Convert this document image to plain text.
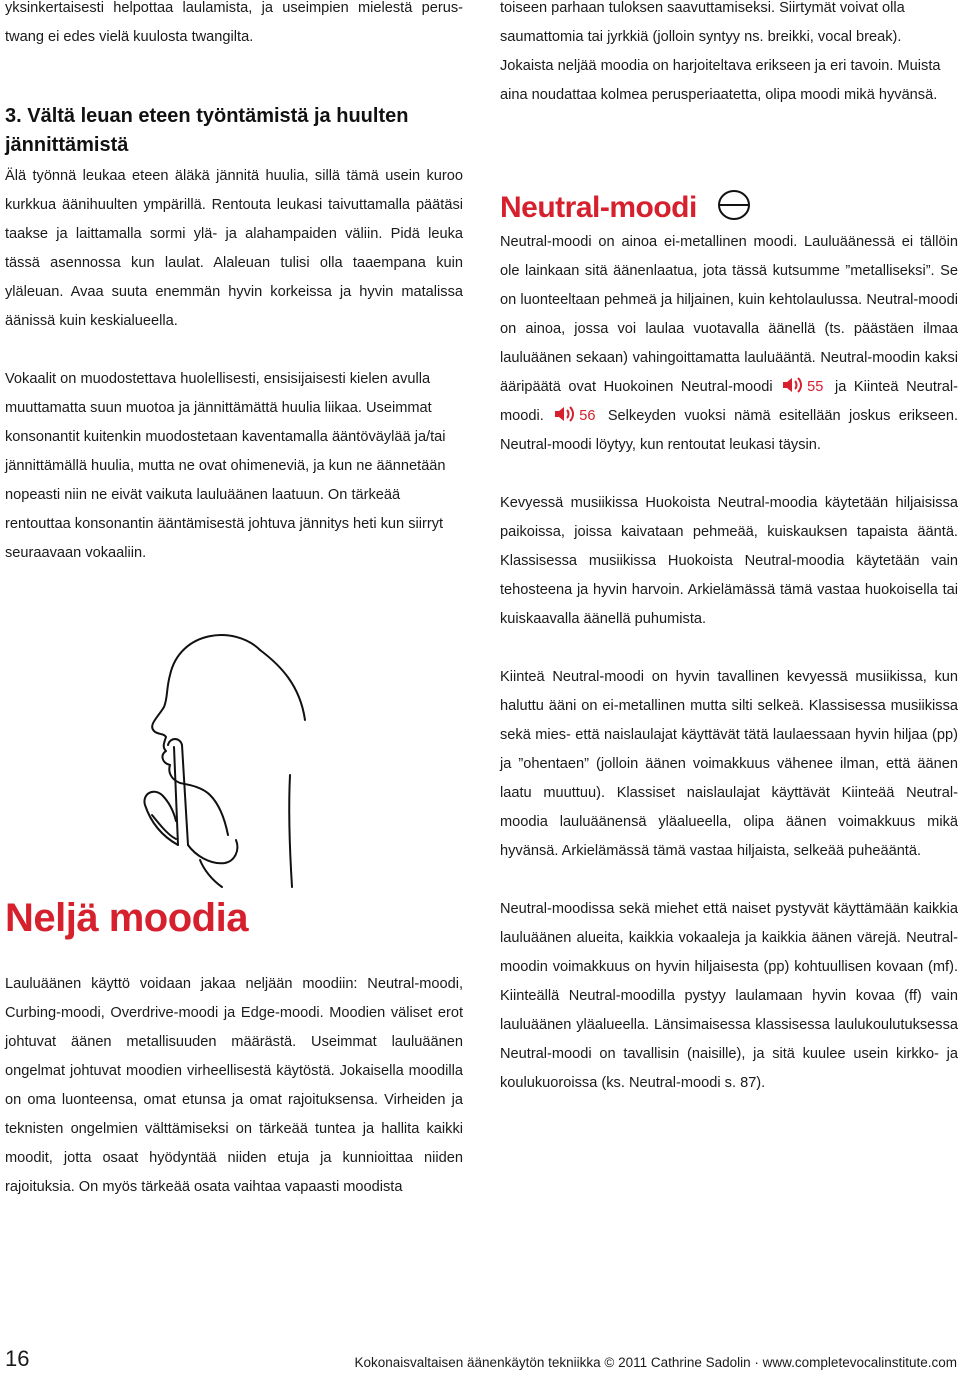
yksinkertaisesti helpottaa laulamista, ja useimpien mielestä perus-twang ei edes vielä kuulosta twangilta.

3. Vältä leuan eteen työntämistä ja huulten jännittämistä

Älä työnnä leukaa eteen äläkä jännitä huulia, sillä tämä usein kuroo kurkkua äänihuulten ympärillä. Rentouta leukasi taivuttamalla päätäsi taakse ja laittamalla sormi ylä- ja alahampaiden väliin. Pidä leuka tässä asennossa kun laulat. Alaleuan tulisi olla taaempana kuin yläleuan. Avaa suuta enemmän hyvin korkeissa ja hyvin matalissa äänissä kuin keskialueella.

Vokaalit on muodostettava huolellisesti, ensisijaisesti kielen avulla muuttamatta suun muotoa ja jännittämättä huulia liikaa. Useimmat konsonantit kuitenkin muodostetaan kaventamalla ääntöväylää ja/tai jännittämällä huulia, mutta ne ovat ohimeneviä, ja kun ne äännetään nopeasti niin ne eivät vaikuta lauluäänen laatuun. On tärkeää rentouttaa konsonantin ääntämisestä johtuva jännitys heti kun siirryt seuraavaan vokaaliin.

Neljä moodia

Lauluäänen käyttö voidaan jakaa neljään moodiin: Neutral-moodi, Curbing-moodi, Overdrive-moodi ja Edge-moodi. Moodien väliset erot johtuvat äänen metallisuuden määrästä. Useimmat lauluäänen ongelmat johtuvat moodien virheellisestä käytöstä. Jokaisella moodilla on oma luonteensa, omat etunsa ja omat rajoituksensa. Virheiden ja teknisten ongelmien välttämiseksi on tärkeää tuntea ja hallita kaikki moodit, jotta osaat hyödyntää niiden etuja ja kunnioittaa niiden rajoituksia. On myös tärkeää osata vaihtaa vapaasti moodista

toiseen parhaan tuloksen saavuttamiseksi. Siirtymät voivat olla saumattomia tai jyrkkiä (jolloin syntyy ns. breikki, vocal break). Jokaista neljää moodia on harjoiteltava erikseen ja eri tavoin. Muista aina noudattaa kolmea perusperiaatetta, olipa moodi mikä hyvänsä.

Neutral-moodi

Neutral-moodi on ainoa ei-metallinen moodi. Lauluäänessä ei tällöin ole lainkaan sitä äänenlaatua, jota tässä kutsumme ”metalliseksi”. Se on luonteeltaan pehmeä ja hiljainen, kuin kehtolaulussa. Neutral-moodi on ainoa, jossa voi laulaa vuotavalla äänellä (ts. päästäen ilmaa lauluäänen sekaan) vahingoittamatta lauluääntä. Neutral-moodin kaksi ääripäätä ovat Huokoinen Neutral-moodi 55 ja Kiinteä Neutral-moodi. 56 Selkeyden vuoksi nämä esitellään joskus erikseen. Neutral-moodi löytyy, kun rentoutat leukasi täysin.

Kevyessä musiikissa Huokoista Neutral-moodia käytetään hiljaisissa paikoissa, joissa kaivataan pehmeää, kuiskauksen tapaista ääntä. Klassisessa musiikissa Huokoista Neutral-moodia käytetään vain tehosteena ja hyvin harvoin. Arkielämässä tämä vastaa huokoisella tai kuiskaavalla äänellä puhumista.

Kiinteä Neutral-moodi on hyvin tavallinen kevyessä musiikissa, kun haluttu ääni on ei-metallinen mutta silti selkeä. Klassisessa musiikissa sekä mies- että naislaulajat käyttävät tätä laulaessaan hyvin hiljaa (pp) ja ”ohentaen” (jolloin äänen voimakkuus vähenee ilman, että äänen laatu muuttuu). Klassiset naislaulajat käyttävät Kiinteää Neutral-moodia lauluäänensä yläalueella, olipa äänen voimakkuus mikä hyvänsä. Arkielämässä tämä vastaa hiljaista, selkeää puheääntä.

Neutral-moodissa sekä miehet että naiset pystyvät käyttämään kaikkia lauluäänen alueita, kaikkia vokaaleja ja kaikkia äänen värejä. Neutral-moodin voimakkuus on hyvin hiljaisesta (pp) kohtuullisen kovaan (mf). Kiinteällä Neutral-moodilla pystyy laulamaan hyvin kovaa (ff) vain lauluäänen yläalueella. Länsimaisessa klassisessa laulukoulutuksessa Neutral-moodi on tavallisin (naisille), ja sitä kuulee usein kirkko- ja koulukuoroissa (ks. Neutral-moodi s. 87).

16	Kokonaisvaltaisen äänenkäytön tekniikka © 2011 Cathrine Sadolin · www.completevocalinstitute.com
